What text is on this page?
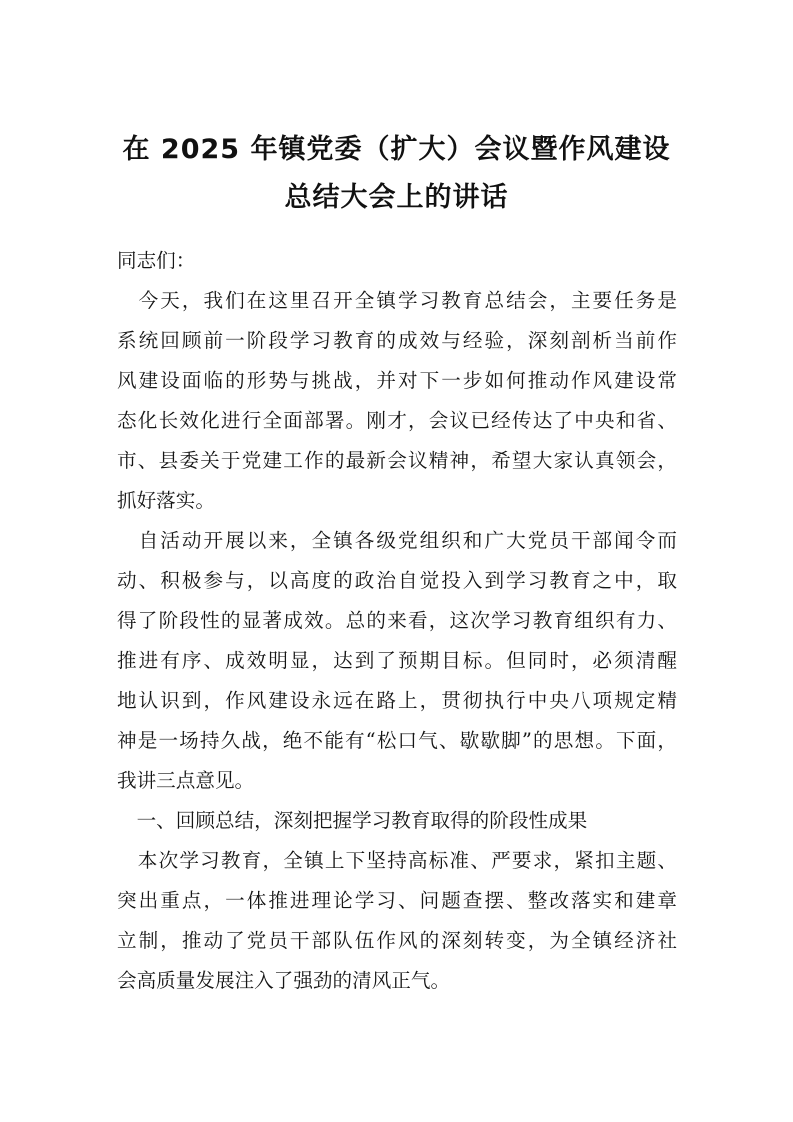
在 2025 年镇党委（扩大）会议暨作风建设
总结大会上的讲话
同志们：
　今天，我们在这里召开全镇学习教育总结会，主要任务是
系统回顾前一阶段学习教育的成效与经验，深刻剖析当前作
风建设面临的形势与挑战，并对下一步如何推动作风建设常
态化长效化进行全面部署。刚才，会议已经传达了中央和省、
市、县委关于党建工作的最新会议精神，希望大家认真领会，
抓好落实。
　自活动开展以来，全镇各级党组织和广大党员干部闻令而
动、积极参与，以高度的政治自觉投入到学习教育之中，取
得了阶段性的显著成效。总的来看，这次学习教育组织有力、
推进有序、成效明显，达到了预期目标。但同时，必须清醒
地认识到，作风建设永远在路上，贯彻执行中央八项规定精
神是一场持久战，绝不能有“松口气、歇歇脚”的思想。下面，
我讲三点意见。
　一、回顾总结，深刻把握学习教育取得的阶段性成果
　本次学习教育，全镇上下坚持高标准、严要求，紧扣主题、
突出重点，一体推进理论学习、问题查摆、整改落实和建章
立制，推动了党员干部队伍作风的深刻转变，为全镇经济社
会高质量发展注入了强劲的清风正气。
